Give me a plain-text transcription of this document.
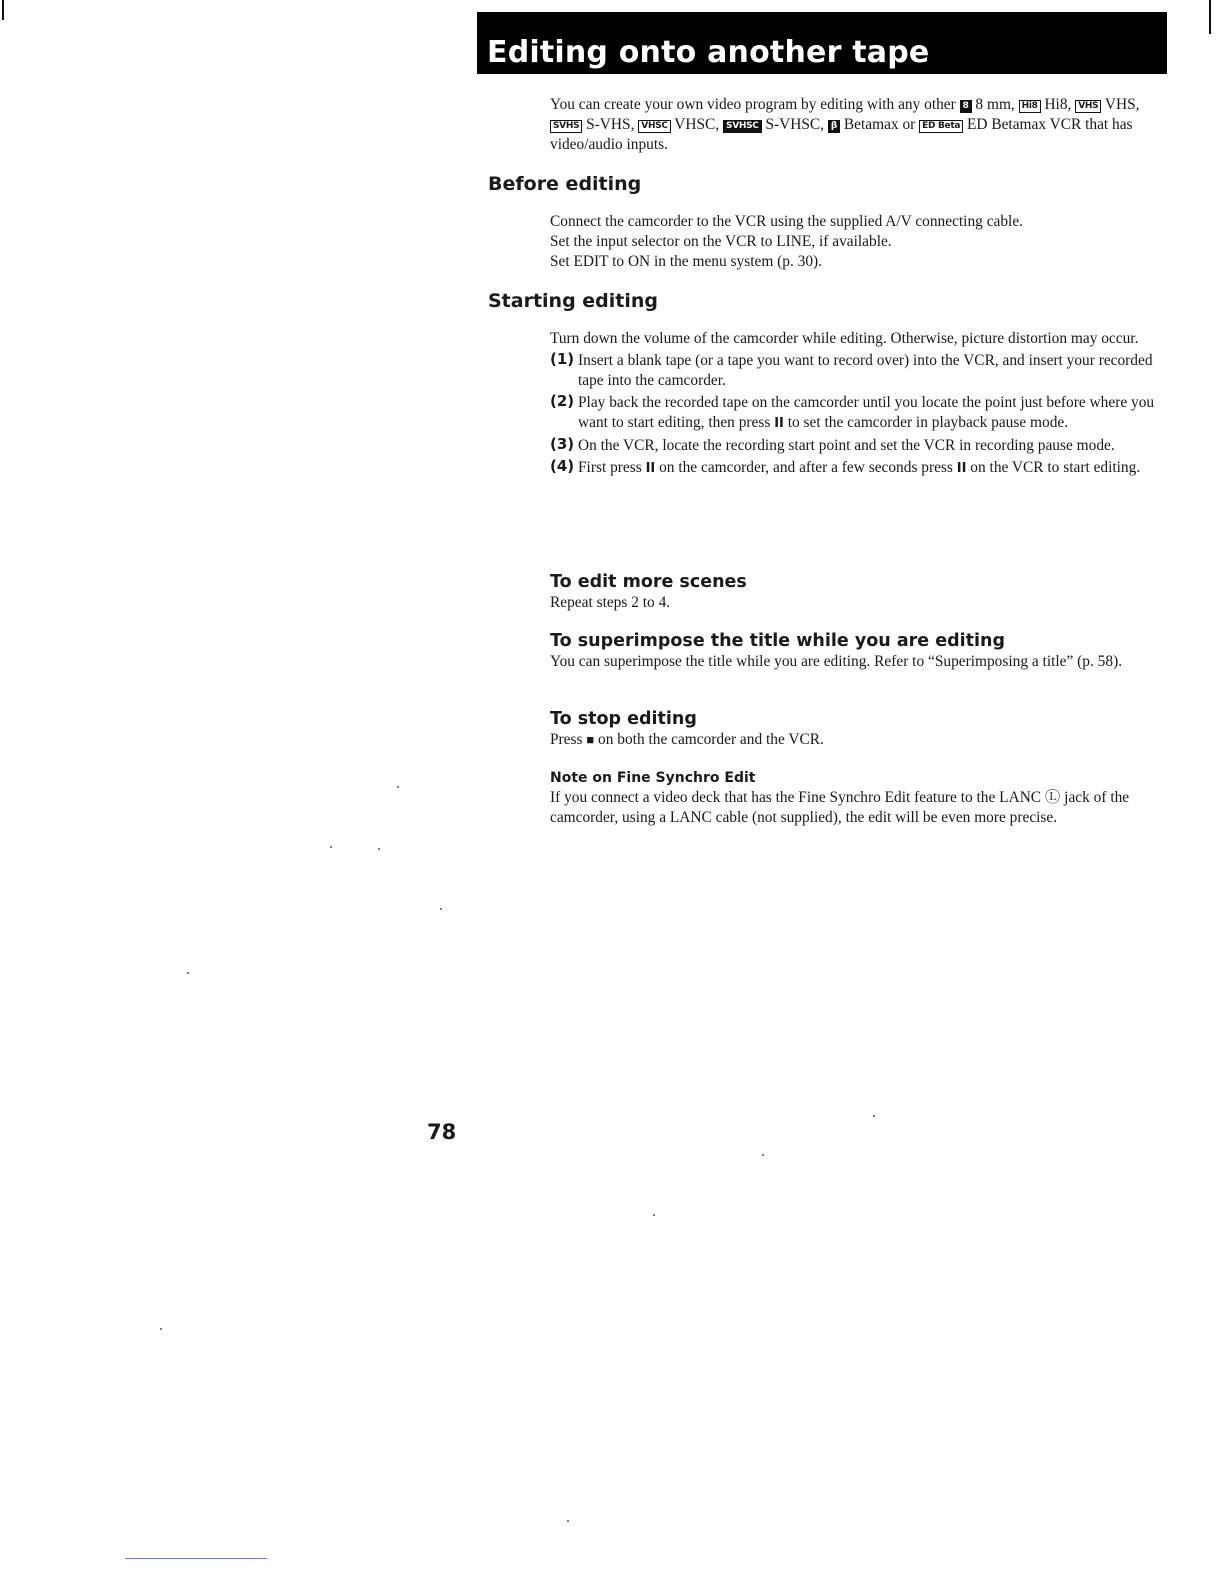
Editing onto another tape
You can create your own video program by editing with any other 8 8 mm, Hi8 Hi8, VHS VHS, SVHS S-VHS, VHSC VHSC, SVHSC S-VHSC, β Betamax or ED Beta ED Betamax VCR that has video/audio inputs.
Before editing

Connect the camcorder to the VCR using the supplied A/V connecting cable.

Set the input selector on the VCR to LINE, if available.

Set EDIT to ON in the menu system (p. 30).

Starting editing

Turn down the volume of the camcorder while editing. Otherwise, picture distortion may occur.

(1) Insert a blank tape (or a tape you want to record over) into the VCR, and insert your recorded tape into the camcorder.
(2) Play back the recorded tape on the camcorder until you locate the point just before where you want to start editing, then press II to set the camcorder in playback pause mode.
(3) On the VCR, locate the recording start point and set the VCR in recording pause mode.
(4) First press II on the camcorder, and after a few seconds press II on the VCR to start editing.
To edit more scenes

Repeat steps 2 to 4.

To superimpose the title while you are editing

You can superimpose the title while you are editing. Refer to “Superimposing a title” (p. 58).

To stop editing

Press ■ on both the camcorder and the VCR.

Note on Fine Synchro Edit

If you connect a video deck that has the Fine Synchro Edit feature to the LANC Ⓛ jack of the camcorder, using a LANC cable (not supplied), the edit will be even more precise.

78
